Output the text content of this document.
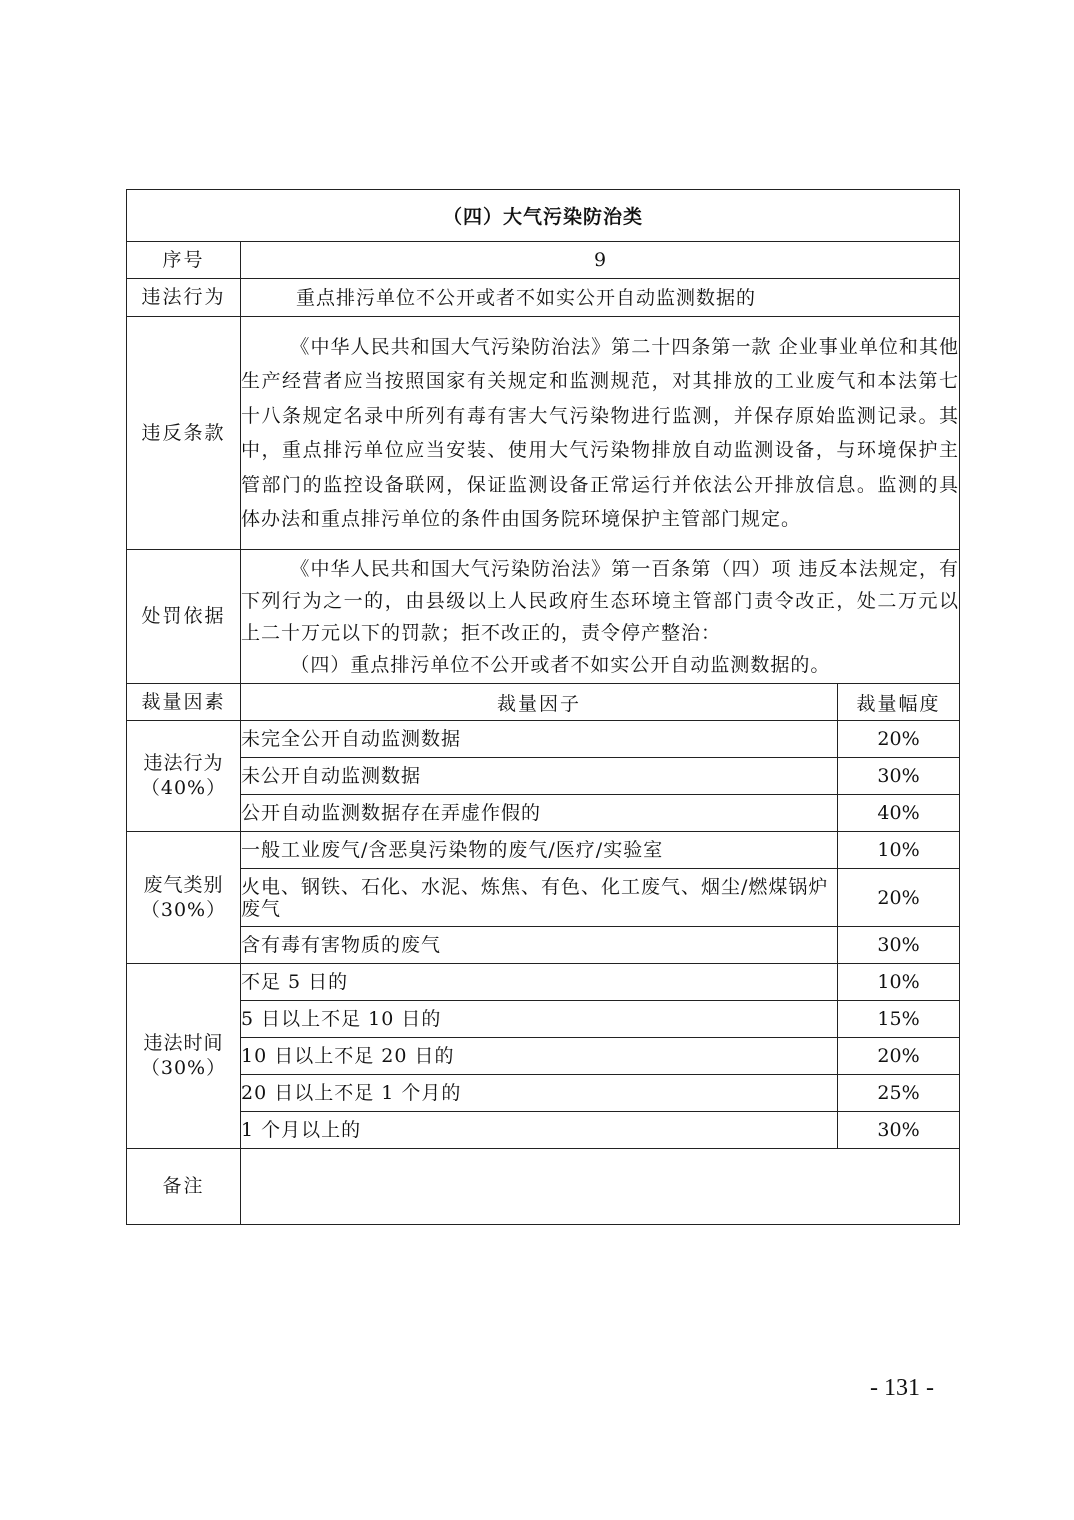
（四）大气污染防治类		
序号	9	
违法行为	重点排污单位不公开或者不如实公开自动监测数据的	
违反条款	《中华人民共和国大气污染防治法》第二十四条第一款 企业事业单位和其他生产经营者应当按照国家有关规定和监测规范，对其排放的工业废气和本法第七十八条规定名录中所列有毒有害大气污染物进行监测，并保存原始监测记录。其中，重点排污单位应当安装、使用大气污染物排放自动监测设备，与环境保护主管部门的监控设备联网，保证监测设备正常运行并依法公开排放信息。监测的具体办法和重点排污单位的条件由国务院环境保护主管部门规定。	

处罚依据	《中华人民共和国大气污染防治法》第一百条第（四）项 违反本法规定，有下列行为之一的，由县级以上人民政府生态环境主管部门责令改正，处二万元以上二十万元以下的罚款；拒不改正的，责令停产整治：

（四）重点排污单位不公开或者不如实公开自动监测数据的。	

裁量因素	裁量因子	裁量幅度

违法行为
（40%）	未完全公开自动监测数据	20%
	未公开自动监测数据	30%
	公开自动监测数据存在弄虚作假的	40%

废气类别
（30%）	一般工业废气/含恶臭污染物的废气/医疗/实验室	10%
	火电、钢铁、石化、水泥、炼焦、有色、化工废气、烟尘/燃煤锅炉废气	20%
	含有毒有害物质的废气	30%

违法时间
（30%）	不足 5 日的	10%
	5 日以上不足 10 日的	15%
	10 日以上不足 20 日的	20%
	20 日以上不足 1 个月的	25%
	1 个月以上的	30%
备注		
- 131 -
